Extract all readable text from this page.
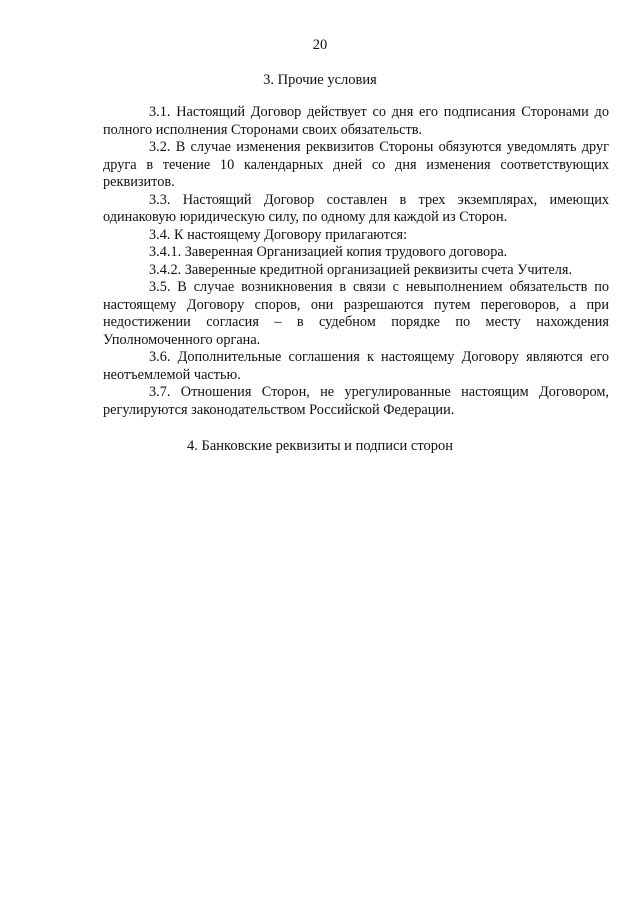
20
3. Прочие условия

3.1. Настоящий Договор действует со дня его подписания Сторонами до полного исполнения Сторонами своих обязательств.

3.2. В случае изменения реквизитов Стороны обязуются уведомлять друг друга в течение 10 календарных дней со дня изменения соответствующих реквизитов.

3.3. Настоящий Договор составлен в трех экземплярах, имеющих одинаковую юридическую силу, по одному для каждой из Сторон.

3.4. К настоящему Договору прилагаются:

3.4.1. Заверенная Организацией копия трудового договора.

3.4.2. Заверенные кредитной организацией реквизиты счета Учителя.

3.5. В случае возникновения в связи с невыполнением обязательств по настоящему Договору споров, они разрешаются путем переговоров, а при недостижении согласия – в судебном порядке по месту нахождения Уполномоченного органа.

3.6. Дополнительные соглашения к настоящему Договору являются его неотъемлемой частью.

3.7. Отношения Сторон, не урегулированные настоящим Договором, регулируются законодательством Российской Федерации.

4. Банковские реквизиты и подписи сторон
